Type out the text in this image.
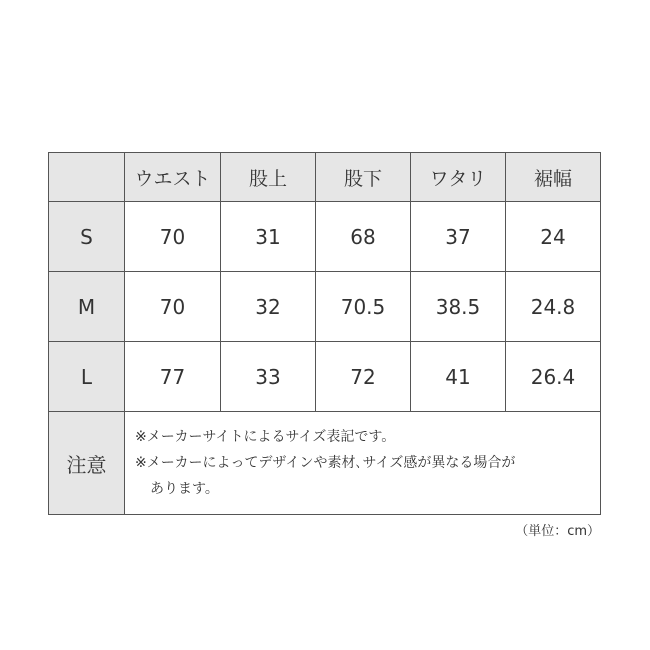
	ウエスト	股上	股下	ワタリ	裾幅
S	70	31	68	37	24
M	70	32	70.5	38.5	24.8
L	77	33	72	41	26.4
注意	※メーカーサイトによるサイズ表記です。
※メーカーによってデザインや素材､サイズ感が異なる場合が
あります。				
（単位：cm）
